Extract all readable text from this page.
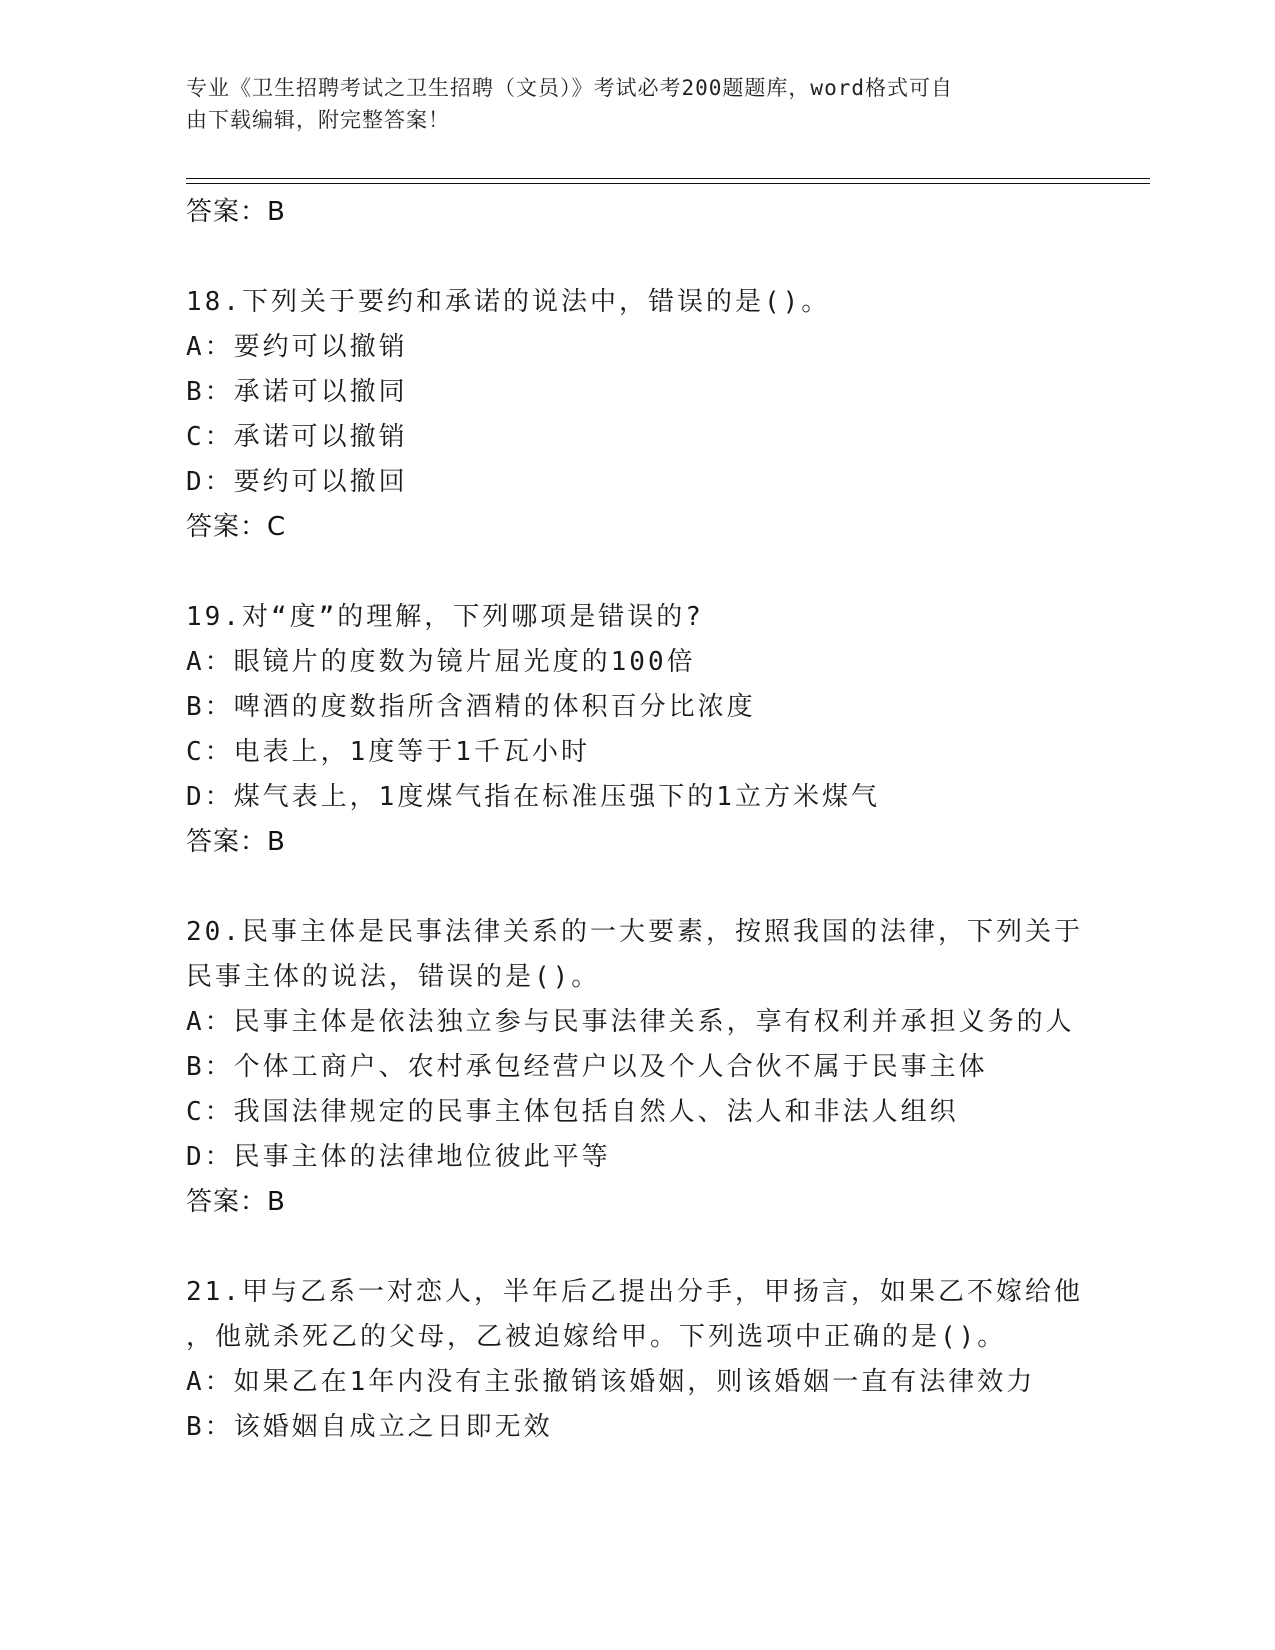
专业《卫生招聘考试之卫生招聘（文员）》考试必考200题题库，word格式可自
由下载编辑，附完整答案！
答案：B
18.下列关于要约和承诺的说法中，错误的是()。
A：要约可以撤销
B：承诺可以撤同
C：承诺可以撤销
D：要约可以撤回
答案：C
19.对“度”的理解，下列哪项是错误的?
A：眼镜片的度数为镜片屈光度的100倍
B：啤酒的度数指所含酒精的体积百分比浓度
C：电表上，1度等于1千瓦小时
D：煤气表上，1度煤气指在标准压强下的1立方米煤气
答案：B
20.民事主体是民事法律关系的一大要素，按照我国的法律，下列关于
民事主体的说法，错误的是()。
A：民事主体是依法独立参与民事法律关系，享有权利并承担义务的人
B：个体工商户、农村承包经营户以及个人合伙不属于民事主体
C：我国法律规定的民事主体包括自然人、法人和非法人组织
D：民事主体的法律地位彼此平等
答案：B
21.甲与乙系一对恋人，半年后乙提出分手，甲扬言，如果乙不嫁给他
，他就杀死乙的父母，乙被迫嫁给甲。下列选项中正确的是()。
A：如果乙在1年内没有主张撤销该婚姻，则该婚姻一直有法律效力
B：该婚姻自成立之日即无效
